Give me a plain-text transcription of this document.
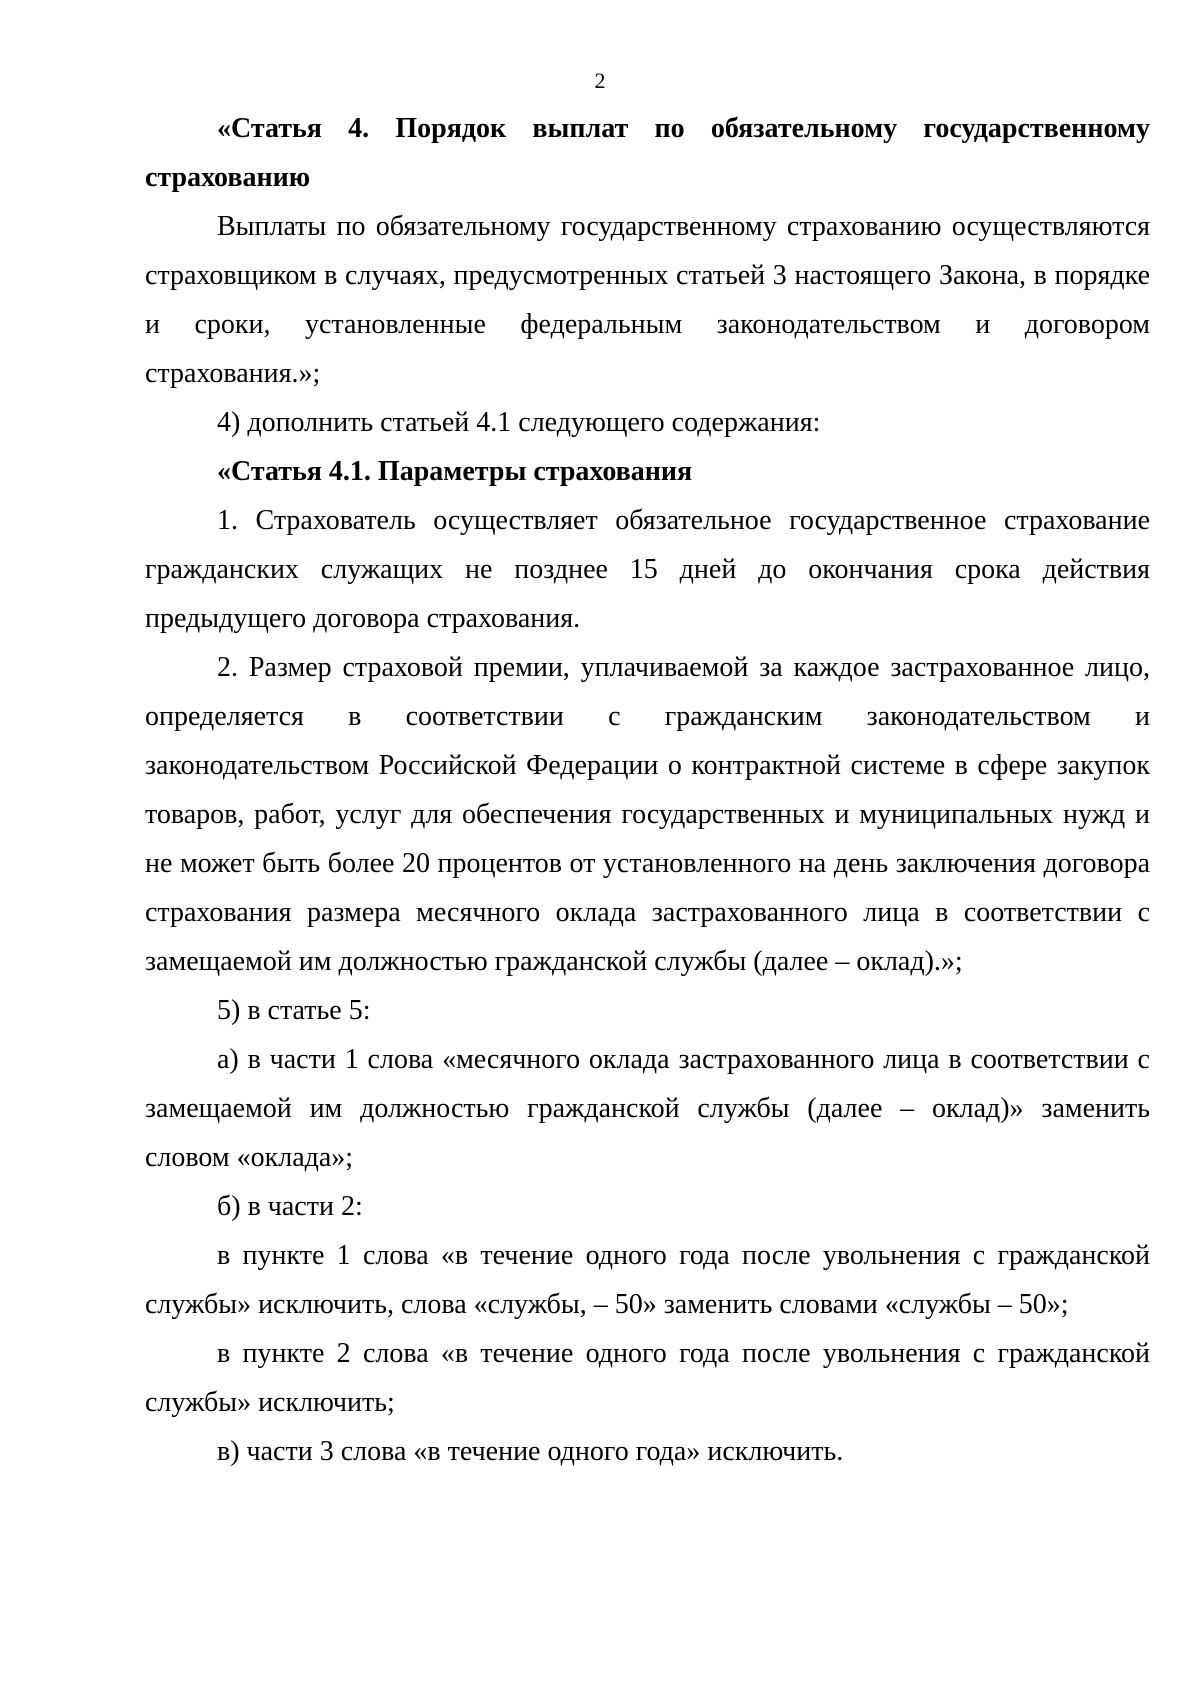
2

«Статья 4. Порядок выплат по обязательному государственному страхованию

Выплаты по обязательному государственному страхованию осуществляются страховщиком в случаях, предусмотренных статьей 3 настоящего Закона, в порядке и сроки, установленные федеральным законодательством и договором страхования.»;

4) дополнить статьей 4.1 следующего содержания:

«Статья 4.1. Параметры страхования

1. Страхователь осуществляет обязательное государственное страхование гражданских служащих не позднее 15 дней до окончания срока действия предыдущего договора страхования.

2. Размер страховой премии, уплачиваемой за каждое застрахованное лицо, определяется в соответствии с гражданским законодательством и законодательством Российской Федерации о контрактной системе в сфере закупок товаров, работ, услуг для обеспечения государственных и муниципальных нужд и не может быть более 20 процентов от установленного на день заключения договора страхования размера месячного оклада застрахованного лица в соответствии с замещаемой им должностью гражданской службы (далее – оклад).»;

5) в статье 5:

а) в части 1 слова «месячного оклада застрахованного лица в соответствии с замещаемой им должностью гражданской службы (далее – оклад)» заменить словом «оклада»;

б) в части 2:

в пункте 1 слова «в течение одного года после увольнения с гражданской службы» исключить, слова «службы, – 50» заменить словами «службы – 50»;

в пункте 2 слова «в течение одного года после увольнения с гражданской службы» исключить;

в) части 3 слова «в течение одного года» исключить.
